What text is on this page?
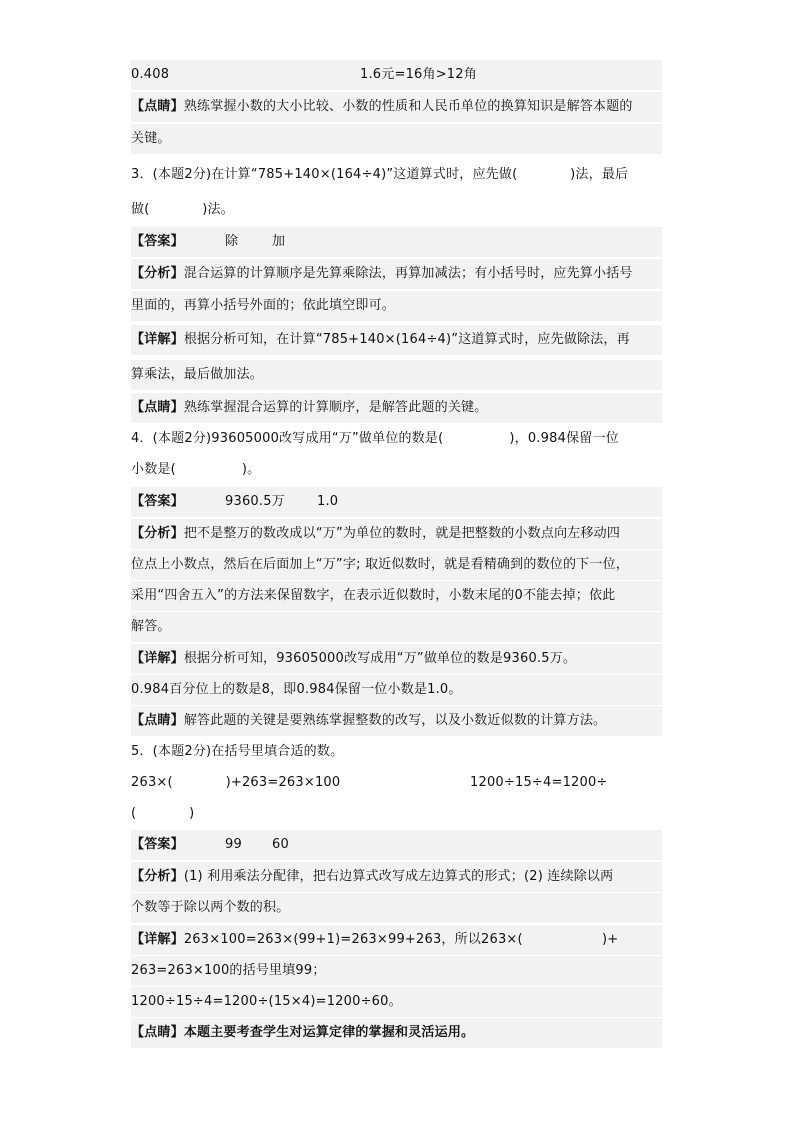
0.408	1.6元=16角>12角
【点睛】熟练掌握小数的大小比较、小数的性质和人民币单位的换算知识是解答本题的
关键。
3．(本题2分)在计算“785+140×(164÷4)”这道算式时，应先做(　　　　)法，最后
做(　　　　)法。
【答案】	除	加
【分析】混合运算的计算顺序是先算乘除法，再算加减法；有小括号时，应先算小括号
里面的，再算小括号外面的；依此填空即可。
【详解】根据分析可知，在计算“785+140×(164÷4)”这道算式时，应先做除法，再
算乘法，最后做加法。
【点睛】熟练掌握混合运算的计算顺序，是解答此题的关键。
4．(本题2分)93605000改写成用“万”做单位的数是(　　　　　)，0.984保留一位
小数是(　　　　　)。
【答案】	9360.5万 1.0
【分析】把不是整万的数改成以“万”为单位的数时，就是把整数的小数点向左移动四
位点上小数点，然后在后面加上“万”字; 取近似数时，就是看精确到的数位的下一位，
采用“四舍五入”的方法来保留数字，在表示近似数时，小数末尾的0不能去掉；依此
解答。
【详解】根据分析可知，93605000改写成用“万”做单位的数是9360.5万。
0.984百分位上的数是8，即0.984保留一位小数是1.0。
【点睛】解答此题的关键是要熟练掌握整数的改写，以及小数近似数的计算方法。
5．(本题2分)在括号里填合适的数。
263×(　　　　)+263=263×100	1200÷15÷4=1200÷
(　　　　)
【答案】	99 60
【分析】(1) 利用乘法分配律，把右边算式改写成左边算式的形式；(2) 连续除以两
个数等于除以两个数的积。
【详解】263×100=263×(99+1)=263×99+263，所以263×(　　　　　　)+
263=263×100的括号里填99；
1200÷15÷4=1200÷(15×4)=1200÷60。
【点睛】本题主要考查学生对运算定律的掌握和灵活运用。
